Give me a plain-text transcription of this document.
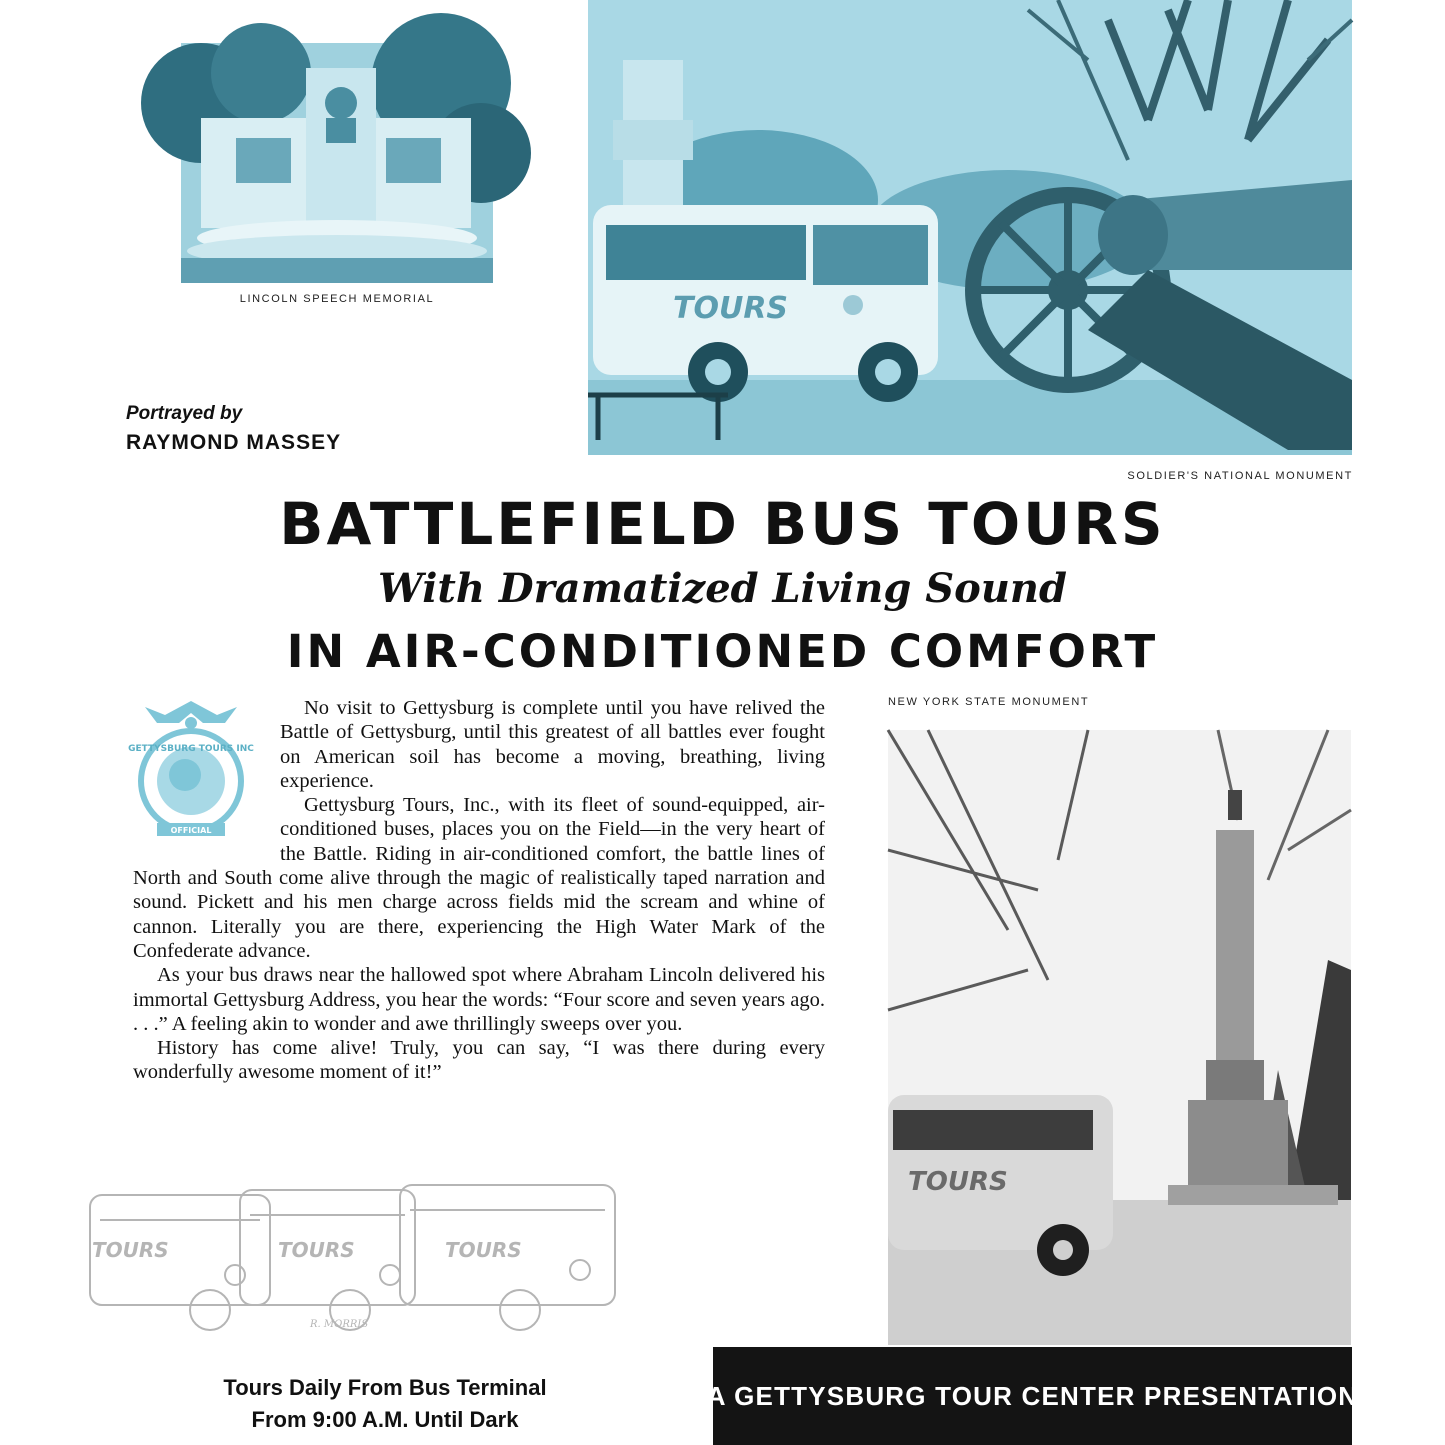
LINCOLN SPEECH MEMORIAL	TOURS
SOLDIER'S NATIONAL MONUMENT
Portrayed by
RAYMOND MASSEY
BATTLEFIELD BUS TOURS
With Dramatized Living Sound
IN AIR-CONDITIONED COMFORT
GETTYSBURG TOURS INC
OFFICIAL

No visit to Gettysburg is complete until you have relived the Battle of Gettysburg, until this greatest of all battles ever fought on American soil has become a moving, breathing, living experience.

Gettysburg Tours, Inc., with its fleet of sound-equipped, air-conditioned buses, places you on the Field—in the very heart of the Battle. Riding in air-conditioned comfort, the battle lines of North and South come alive through the magic of realistically taped narration and sound. Pickett and his men charge across fields mid the scream and whine of cannon. Literally you are there, experiencing the High Water Mark of the Confederate advance.

As your bus draws near the hallowed spot where Abraham Lincoln delivered his immortal Gettysburg Address, you hear the words: “Four score and seven years ago. . . .” A feeling akin to wonder and awe thrillingly sweeps over you.

History has come alive! Truly, you can say, “I was there during every wonderfully awesome moment of it!”

NEW YORK STATE MONUMENT
TOURS
TOURS	TOURS	TOURS
R. MORRIS
Tours Daily From Bus Terminal
From 9:00 A.M. Until Dark
A GETTYSBURG TOUR CENTER PRESENTATION
